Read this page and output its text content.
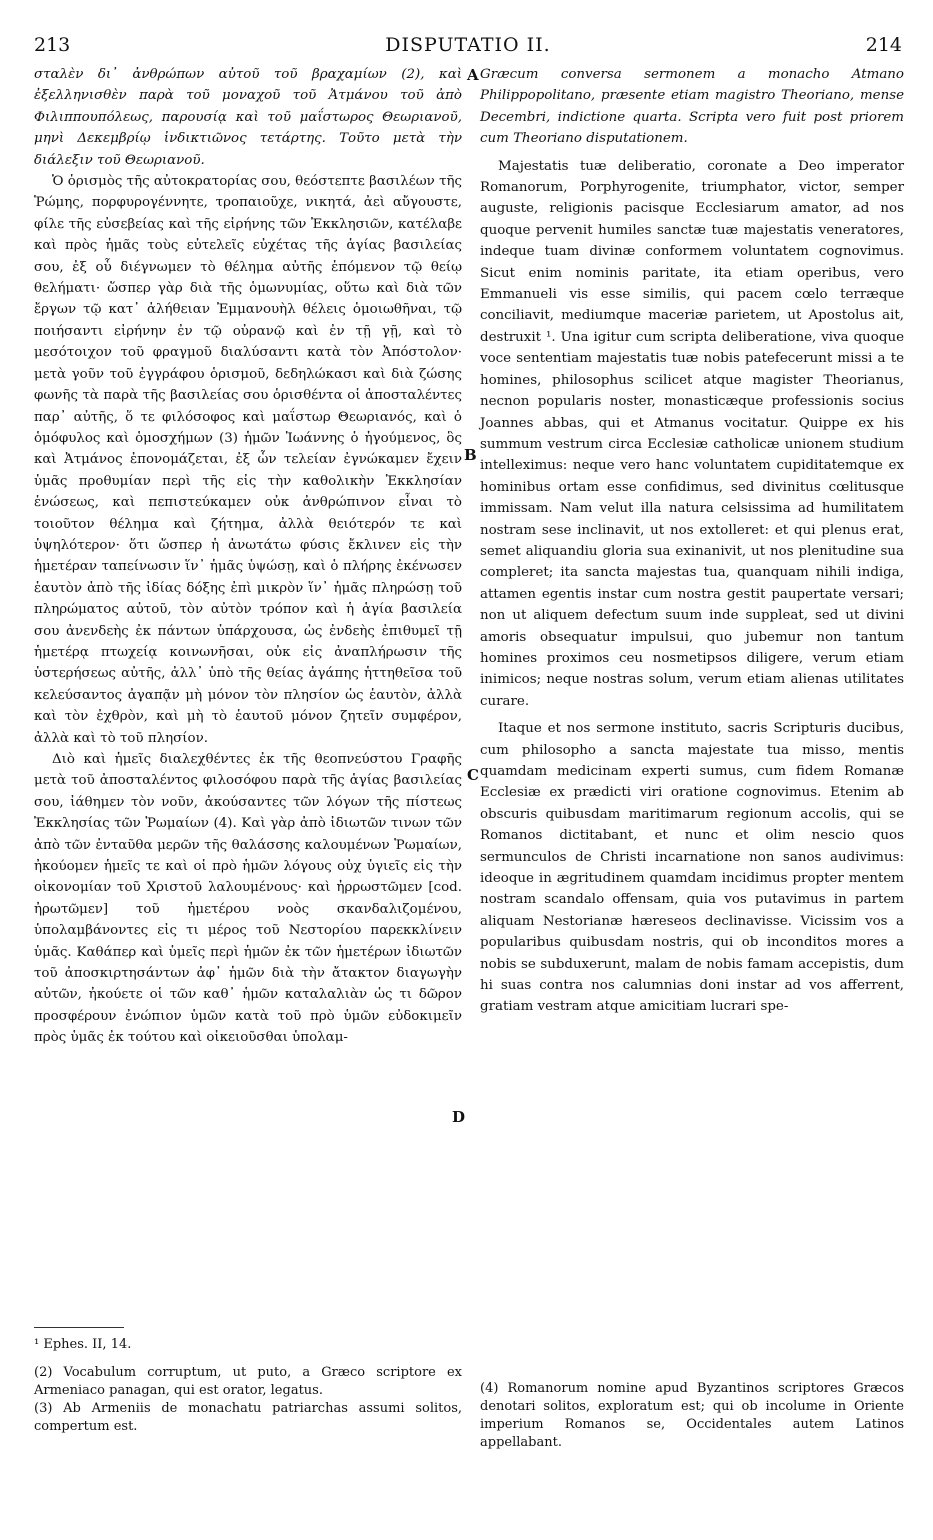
213	DISPUTATIO II.	214

σταλὲν δι᾽ ἀνθρώπων αὐτοῦ τοῦ βραχαμίων (2), καὶ ἐξελληνισθὲν παρὰ τοῦ μοναχοῦ τοῦ Ἀτμάνου τοῦ ἀπὸ Φιλιππουπόλεως, παρουσίᾳ καὶ τοῦ μαΐστωρος Θεωριανοῦ, μηνὶ Δεκεμβρίῳ ἰνδικτιῶνος τετάρτης. Τοῦτο μετὰ τὴν διάλεξιν τοῦ Θεωριανοῦ.

Ὁ ὁρισμὸς τῆς αὐτοκρατορίας σου, θεόστεπτε βασιλέων τῆς Ῥώμης, πορφυρογέννητε, τροπαιοῦχε, νικητά, ἀεὶ αὔγουστε, φίλε τῆς εὐσεβείας καὶ τῆς εἰρήνης τῶν Ἐκκλησιῶν, κατέλαβε καὶ πρὸς ἡμᾶς τοὺς εὐτελεῖς εὐχέτας τῆς ἁγίας βασιλείας σου, ἐξ οὗ διέγνωμεν τὸ θέλημα αὐτῆς ἑπόμενον τῷ θείῳ θελήματι· ὥσπερ γὰρ διὰ τῆς ὁμωνυμίας, οὕτω καὶ διὰ τῶν ἔργων τῷ κατ᾽ ἀλήθειαν Ἐμμανουὴλ θέλεις ὁμοιωθῆναι, τῷ ποιήσαντι εἰρήνην ἐν τῷ οὐρανῷ καὶ ἐν τῇ γῇ, καὶ τὸ μεσότοιχον τοῦ φραγμοῦ διαλύσαντι κατὰ τὸν Ἀπόστολον· μετὰ γοῦν τοῦ ἐγγράφου ὁρισμοῦ, δεδηλώκασι καὶ διὰ ζώσης φωνῆς τὰ παρὰ τῆς βασιλείας σου ὁρισθέντα οἱ ἀποσταλέντες παρ᾽ αὐτῆς, ὅ τε φιλόσοφος καὶ μαΐστωρ Θεωριανός, καὶ ὁ ὁμόφυλος καὶ ὁμοσχήμων (3) ἡμῶν Ἰωάννης ὁ ἡγούμενος, ὃς καὶ Ἀτμάνος ἐπονομάζεται, ἐξ ὧν τελείαν ἐγνώκαμεν ἔχειν ὑμᾶς προθυμίαν περὶ τῆς εἰς τὴν καθολικὴν Ἐκκλησίαν ἑνώσεως, καὶ πεπιστεύκαμεν οὐκ ἀνθρώπινον εἶναι τὸ τοιοῦτον θέλημα καὶ ζήτημα, ἀλλὰ θειότερόν τε καὶ ὑψηλότερον· ὅτι ὥσπερ ἡ ἀνωτάτω φύσις ἔκλινεν εἰς τὴν ἡμετέραν ταπείνωσιν ἵν᾽ ἡμᾶς ὑψώσῃ, καὶ ὁ πλήρης ἐκένωσεν ἑαυτὸν ἀπὸ τῆς ἰδίας δόξης ἐπὶ μικρὸν ἵν᾽ ἡμᾶς πληρώσῃ τοῦ πληρώματος αὐτοῦ, τὸν αὐτὸν τρόπον καὶ ἡ ἁγία βασιλεία σου ἀνενδεὴς ἐκ πάντων ὑπάρχουσα, ὡς ἐνδεὴς ἐπιθυμεῖ τῇ ἡμετέρᾳ πτωχείᾳ κοινωνῆσαι, οὐκ εἰς ἀναπλήρωσιν τῆς ὑστερήσεως αὐτῆς, ἀλλ᾽ ὑπὸ τῆς θείας ἀγάπης ἡττηθεῖσα τοῦ κελεύσαντος ἀγαπᾷν μὴ μόνον τὸν πλησίον ὡς ἑαυτὸν, ἀλλὰ καὶ τὸν ἐχθρὸν, καὶ μὴ τὸ ἑαυτοῦ μόνον ζητεῖν συμφέρον, ἀλλὰ καὶ τὸ τοῦ πλησίον.

Διὸ καὶ ἡμεῖς διαλεχθέντες ἐκ τῆς θεοπνεύστου Γραφῆς μετὰ τοῦ ἀποσταλέντος φιλοσόφου παρὰ τῆς ἁγίας βασιλείας σου, ἰάθημεν τὸν νοῦν, ἀκούσαντες τῶν λόγων τῆς πίστεως Ἐκκλησίας τῶν Ῥωμαίων (4). Καὶ γὰρ ἀπὸ ἰδιωτῶν τινων τῶν ἀπὸ τῶν ἐνταῦθα μερῶν τῆς θαλάσσης καλουμένων Ῥωμαίων, ἠκούομεν ἡμεῖς τε καὶ οἱ πρὸ ἡμῶν λόγους οὐχ ὑγιεῖς εἰς τὴν οἰκονομίαν τοῦ Χριστοῦ λαλουμένους· καὶ ἠρρωστῶμεν [cod. ἠρωτῶμεν] τοῦ ἡμετέρου νοὸς σκανδαλιζομένου, ὑπολαμβάνοντες εἰς τι μέρος τοῦ Νεστορίου παρεκκλίνειν ὑμᾶς. Καθάπερ καὶ ὑμεῖς περὶ ἡμῶν ἐκ τῶν ἡμετέρων ἰδιωτῶν τοῦ ἀποσκιρτησάντων ἀφ᾽ ἡμῶν διὰ τὴν ἄτακτον διαγωγὴν αὐτῶν, ἠκούετε οἱ τῶν καθ᾽ ἡμῶν καταλαλιὰν ὡς τι δῶρον προσφέρουν ἐνώπιον ὑμῶν κατὰ τοῦ πρὸ ὑμῶν εὐδοκιμεῖν πρὸς ὑμᾶς ἐκ τούτου καὶ οἰκειοῦσθαι ὑπολαμ-

Græcum conversa sermonem a monacho Atmano Philippopolitano, præsente etiam magistro Theoriano, mense Decembri, indictione quarta. Scripta vero fuit post priorem cum Theoriano disputationem.

Majestatis tuæ deliberatio, coronate a Deo imperator Romanorum, Porphyrogenite, triumphator, victor, semper auguste, religionis pacisque Ecclesiarum amator, ad nos quoque pervenit humiles sanctæ tuæ majestatis veneratores, indeque tuam divinæ conformem voluntatem cognovimus. Sicut enim nominis paritate, ita etiam operibus, vero Emmanueli vis esse similis, qui pacem cœlo terræque conciliavit, mediumque maceriæ parietem, ut Apostolus ait, destruxit ¹. Una igitur cum scripta deliberatione, viva quoque voce sententiam majestatis tuæ nobis patefecerunt missi a te homines, philosophus scilicet atque magister Theorianus, necnon popularis noster, monasticæque professionis socius Joannes abbas, qui et Atmanus vocitatur. Quippe ex his summum vestrum circa Ecclesiæ catholicæ unionem studium intelleximus: neque vero hanc voluntatem cupiditatemque ex hominibus ortam esse confidimus, sed divinitus cœlitusque immissam. Nam velut illa natura celsissima ad humilitatem nostram sese inclinavit, ut nos extolleret: et qui plenus erat, semet aliquandiu gloria sua exinanivit, ut nos plenitudine sua compleret; ita sancta majestas tua, quanquam nihili indiga, attamen egentis instar cum nostra gestit paupertate versari; non ut aliquem defectum suum inde suppleat, sed ut divini amoris obsequatur impulsui, quo jubemur non tantum homines proximos ceu nosmetipsos diligere, verum etiam inimicos; neque nostras solum, verum etiam alienas utilitates curare.

Itaque et nos sermone instituto, sacris Scripturis ducibus, cum philosopho a sancta majestate tua misso, mentis quamdam medicinam experti sumus, cum fidem Romanæ Ecclesiæ ex prædicti viri oratione cognovimus. Etenim ab obscuris quibusdam maritimarum regionum accolis, qui se Romanos dictitabant, et nunc et olim nescio quos sermunculos de Christi incarnatione non sanos audivimus: ideoque in ægritudinem quamdam incidimus propter mentem nostram scandalo offensam, quia vos putavimus in partem aliquam Nestorianæ hæreseos declinavisse. Vicissim vos a popularibus quibusdam nostris, qui ob inconditos mores a nobis se subduxerunt, malam de nobis famam accepistis, dum hi suas contra nos calumnias doni instar ad vos afferrent, gratiam vestram atque amicitiam lucrari spe-

A
B
C
D

¹ Ephes. II, 14.

(2) Vocabulum corruptum, ut puto, a Græco scriptore ex Armeniaco panagan, qui est orator, legatus.

(3) Ab Armeniis de monachatu patriarchas assumi solitos, compertum est.

(4) Romanorum nomine apud Byzantinos scriptores Græcos denotari solitos, exploratum est; qui ob incolume in Oriente imperium Romanos se, Occidentales autem Latinos appellabant.
